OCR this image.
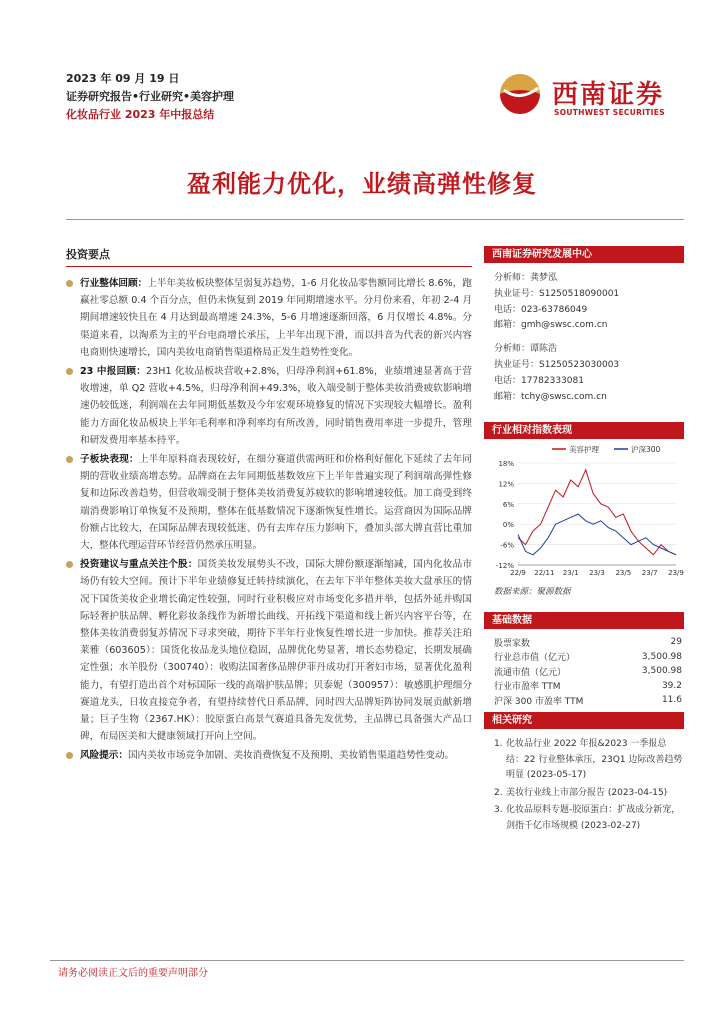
2023 年 09 月 19 日
证券研究报告•行业研究•美容护理
化妆品行业 2023 年中报总结
西南证券
SOUTHWEST SECURITIES
盈利能力优化，业绩高弹性修复
投资要点
行业整体回顾：上半年美妆板块整体呈弱复苏趋势，1-6 月化妆品零售额同比增长 8.6%，跑赢社零总额 0.4 个百分点，但仍未恢复到 2019 年同期增速水平。分月份来看，年初 2-4 月期间增速较快且在 4 月达到最高增速 24.3%，5-6 月增速逐渐回落，6 月仅增长 4.8%。分渠道来看，以淘系为主的平台电商增长承压，上半年出现下滑，而以抖音为代表的新兴内容电商则快速增长，国内美妆电商销售渠道格局正发生趋势性变化。
23 中报回顾：23H1 化妆品板块营收+2.8%，归母净利润+61.8%，业绩增速显著高于营收增速，单 Q2 营收+4.5%，归母净利润+49.3%，收入端受制于整体美妆消费疲软影响增速仍较低迷，利润端在去年同期低基数及今年宏观环境修复的情况下实现较大幅增长。盈利能力方面化妆品板块上半年毛利率和净利率均有所改善，同时销售费用率进一步提升，管理和研发费用率基本持平。
子板块表现：上半年原料商表现较好，在细分赛道供需两旺和价格利好催化下延续了去年同期的营收业绩高增态势。品牌商在去年同期低基数效应下上半年普遍实现了利润端高弹性修复和边际改善趋势，但营收端受制于整体美妆消费复苏疲软的影响增速较低。加工商受到终端消费影响订单恢复不及预期，整体在低基数情况下逐渐恢复性增长。运营商因为国际品牌份额占比较大，在国际品牌表现较低迷、仍有去库存压力影响下，叠加头部大牌直营比重加大，整体代理运营环节经营仍然承压明显。
投资建议与重点关注个股：国货美妆发展势头不改，国际大牌份额逐渐缩减，国内化妆品市场仍有较大空间。预计下半年业绩修复迁转持续演化，在去年下半年整体美妆大盘承压的情况下国货美妆企业增长确定性较强，同时行业积极应对市场变化多措并举，包括外延并购国际轻奢护肤品牌、孵化彩妆条线作为新增长曲线、开拓线下渠道和线上新兴内容平台等，在整体美妆消费弱复苏情况下寻求突破，期待下半年行业恢复性增长进一步加快。推荐关注珀莱雅（603605）：国货化妆品龙头地位稳固，品牌优化势显著，增长态势稳定，长期发展确定性强；水羊股份（300740）：收购法国奢侈品牌伊菲丹成功打开奢妇市场，显著优化盈利能力，有望打造出首个对标国际一线的高端护肤品牌；贝泰妮（300957）：敏感肌护理细分赛道龙头，日妆直接竞争者，有望持续替代日系品牌，同时四大品牌矩阵协同发展贡献新增量；巨子生物（2367.HK）：胶原蛋白高景气赛道具备先发优势，主品牌已具备强大产品口碑，布局医美和大健康领域打开向上空间。
风险提示：国内美妆市场竞争加剧、美妆消费恢复不及预期、美妆销售渠道趋势性变动。
西南证券研究发展中心
分析师：龚梦泓
执业证号：S1250518090001
电话：023-63786049
邮箱：gmh@swsc.com.cn
分析师：谭陈浩
执业证号：S1250523030003
电话：17782333081
邮箱：tchy@swsc.com.cn
行业相对指数表现
18%
12%
6%
0%
-6%
-12%
22/9 22/11 23/1 23/3 23/5 23/7 23/9
美容护理	沪深300
数据来源：聚源数据
基础数据
股票家数	29
行业总市值（亿元）	3,500.98
流通市值（亿元）	3,500.98
行业市盈率 TTM	39.2
沪深 300 市盈率 TTM	11.6
相关研究
1. 化妆品行业 2022 年报&2023 一季报总结：22 行业整体承压，23Q1 边际改善趋势明显 (2023-05-17)
2. 美妆行业线上市部分报告 (2023-04-15)
3. 化妆品原料专题-胶原蛋白：扩战成分新宠，剑指千亿市场规模 (2023-02-27)
请务必阅读正文后的重要声明部分
